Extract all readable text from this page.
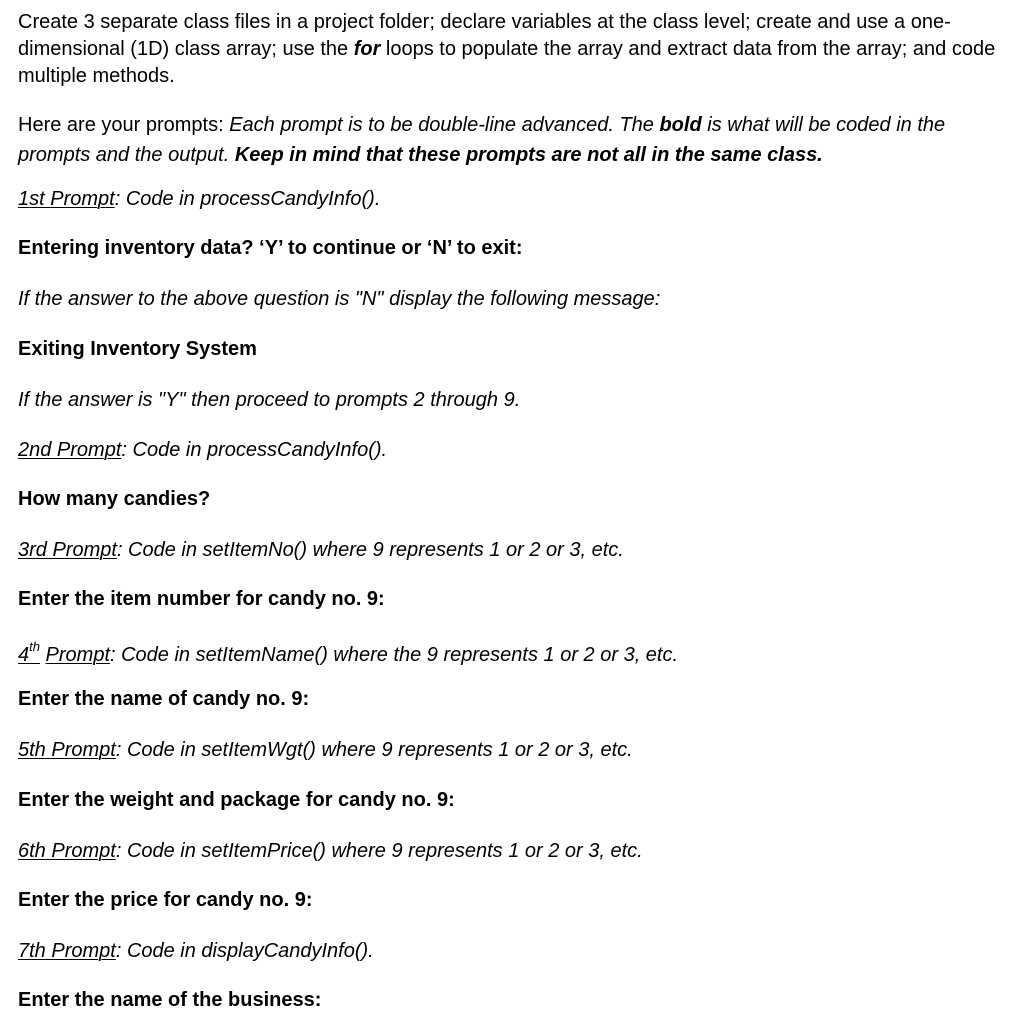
Create 3 separate class files in a project folder; declare variables at the class level; create and use a one-dimensional (1D) class array; use the for loops to populate the array and extract data from the array; and code multiple methods.

Here are your prompts: Each prompt is to be double-line advanced. The bold is what will be coded in the prompts and the output. Keep in mind that these prompts are not all in the same class.

1st Prompt: Code in processCandyInfo().
Entering inventory data? ‘Y’ to continue or ‘N’ to exit:
If the answer to the above question is "N" display the following message:
Exiting Inventory System
If the answer is "Y" then proceed to prompts 2 through 9.
2nd Prompt: Code in processCandyInfo().
How many candies?
3rd Prompt: Code in setItemNo() where 9 represents 1 or 2 or 3, etc.
Enter the item number for candy no. 9:
4th Prompt: Code in setItemName() where the 9 represents 1 or 2 or 3, etc.
Enter the name of candy no. 9:
5th Prompt: Code in setItemWgt() where 9 represents 1 or 2 or 3, etc.
Enter the weight and package for candy no. 9:
6th Prompt: Code in setItemPrice() where 9 represents 1 or 2 or 3, etc.
Enter the price for candy no. 9:
7th Prompt: Code in displayCandyInfo().
Enter the name of the business:
